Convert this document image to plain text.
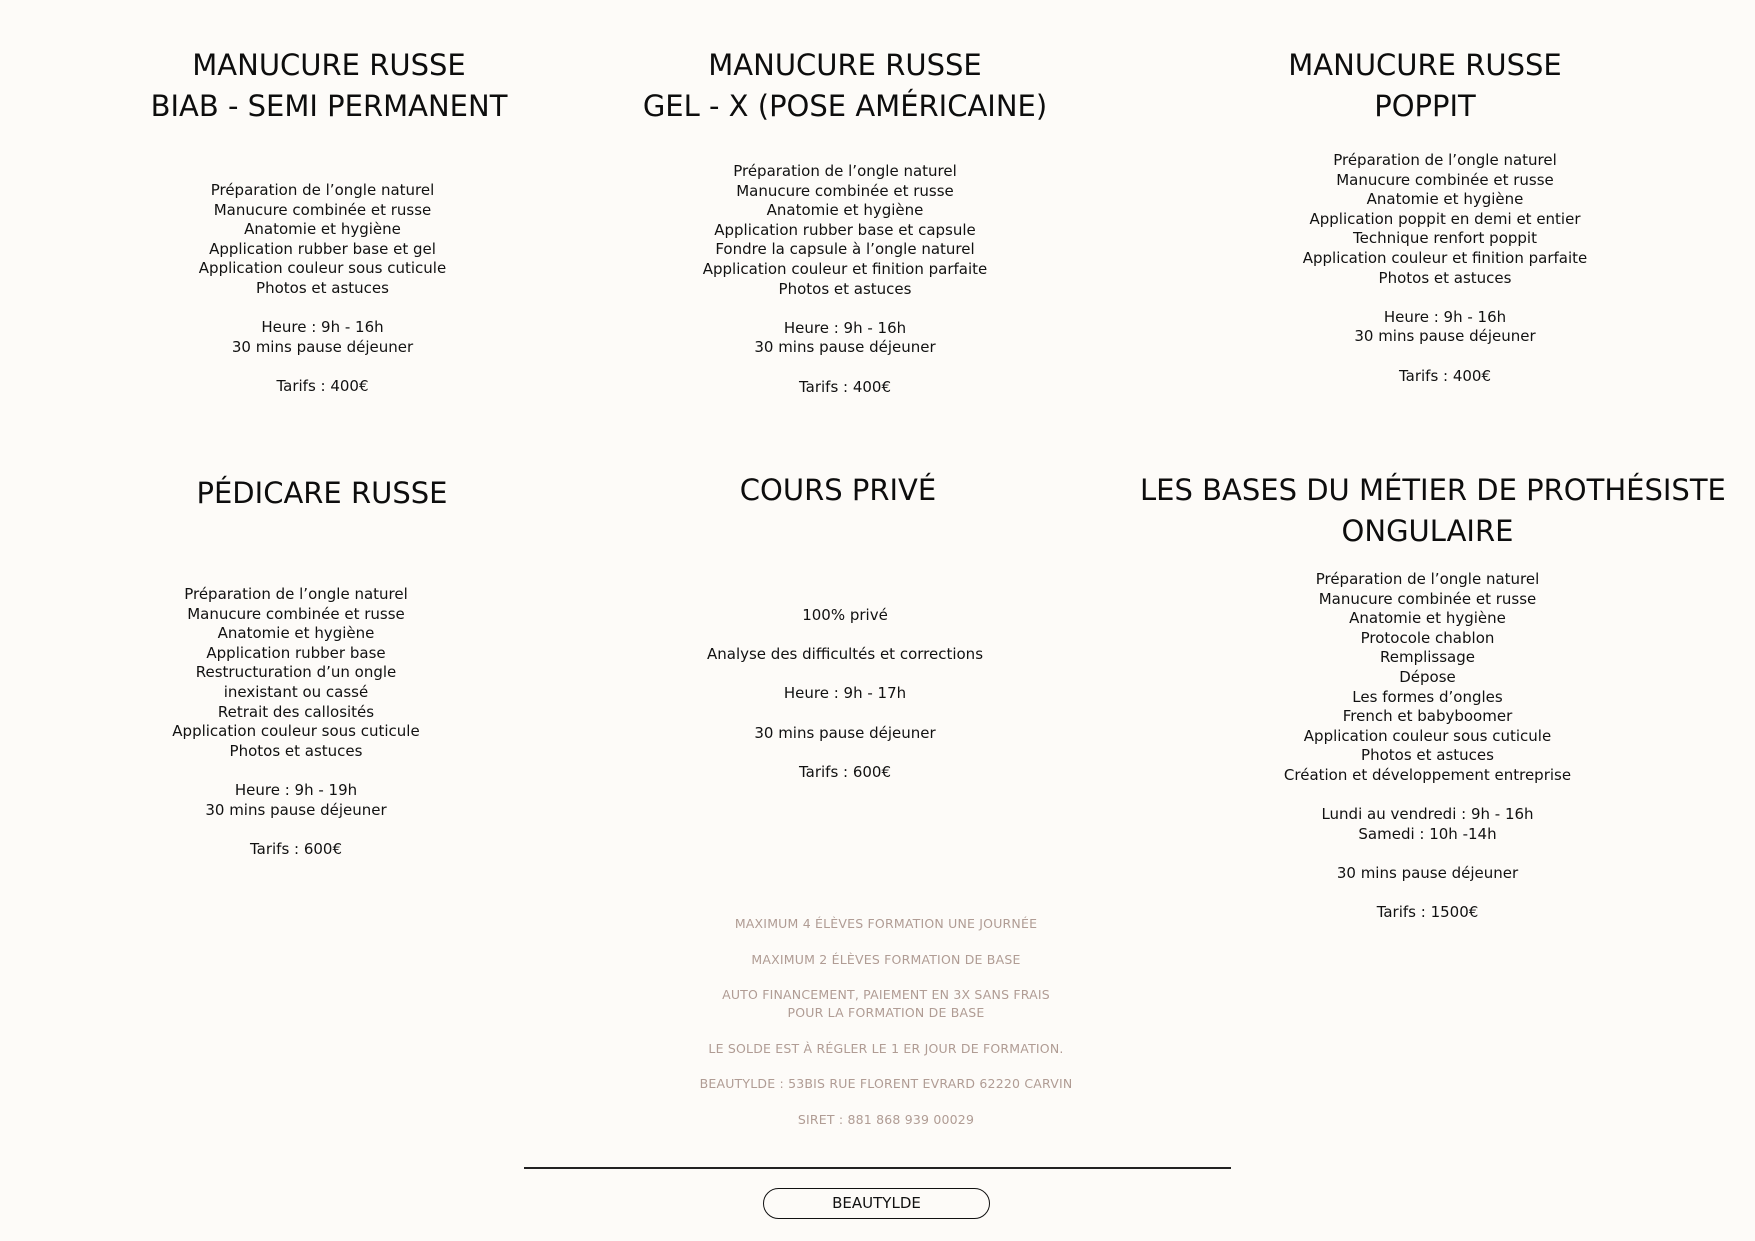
MANUCURE RUSSE
BIAB - SEMI PERMANENT
Préparation de l’ongle naturel
Manucure combinée et russe
Anatomie et hygiène
Application rubber base et gel
Application couleur sous cuticule
Photos et astuces
Heure : 9h - 16h
30 mins pause déjeuner
Tarifs : 400€
MANUCURE RUSSE
GEL - X (POSE AMÉRICAINE)
Préparation de l’ongle naturel
Manucure combinée et russe
Anatomie et hygiène
Application rubber base et capsule
Fondre la capsule à l’ongle naturel
Application couleur et finition parfaite
Photos et astuces
Heure : 9h - 16h
30 mins pause déjeuner
Tarifs : 400€
MANUCURE RUSSE
POPPIT
Préparation de l’ongle naturel
Manucure combinée et russe
Anatomie et hygiène
Application poppit en demi et entier
Technique renfort poppit
Application couleur et finition parfaite
Photos et astuces
Heure : 9h - 16h
30 mins pause déjeuner
Tarifs : 400€
PÉDICARE RUSSE
Préparation de l’ongle naturel
Manucure combinée et russe
Anatomie et hygiène
Application rubber base
Restructuration d’un ongle
inexistant ou cassé
Retrait des callosités
Application couleur sous cuticule
Photos et astuces
Heure : 9h - 19h
30 mins pause déjeuner
Tarifs : 600€
COURS PRIVÉ
100% privé
Analyse des difficultés et corrections
Heure : 9h - 17h
30 mins pause déjeuner
Tarifs : 600€
LES BASES DU MÉTIER DE PROTHÉSISTE
ONGULAIRE
Préparation de l’ongle naturel
Manucure combinée et russe
Anatomie et hygiène
Protocole chablon
Remplissage
Dépose
Les formes d’ongles
French et babyboomer
Application couleur sous cuticule
Photos et astuces
Création et développement entreprise
Lundi au vendredi : 9h - 16h
Samedi : 10h -14h
30 mins pause déjeuner
Tarifs : 1500€
MAXIMUM 4 ÉLÈVES FORMATION UNE JOURNÉE
MAXIMUM 2 ÉLÈVES FORMATION DE BASE
AUTO FINANCEMENT, PAIEMENT EN 3X SANS FRAIS
POUR LA FORMATION DE BASE
LE SOLDE EST À RÉGLER LE 1 ER JOUR DE FORMATION.
BEAUTYLDE : 53BIS RUE FLORENT EVRARD 62220 CARVIN
SIRET : 881 868 939 00029
BEAUTYLDE
